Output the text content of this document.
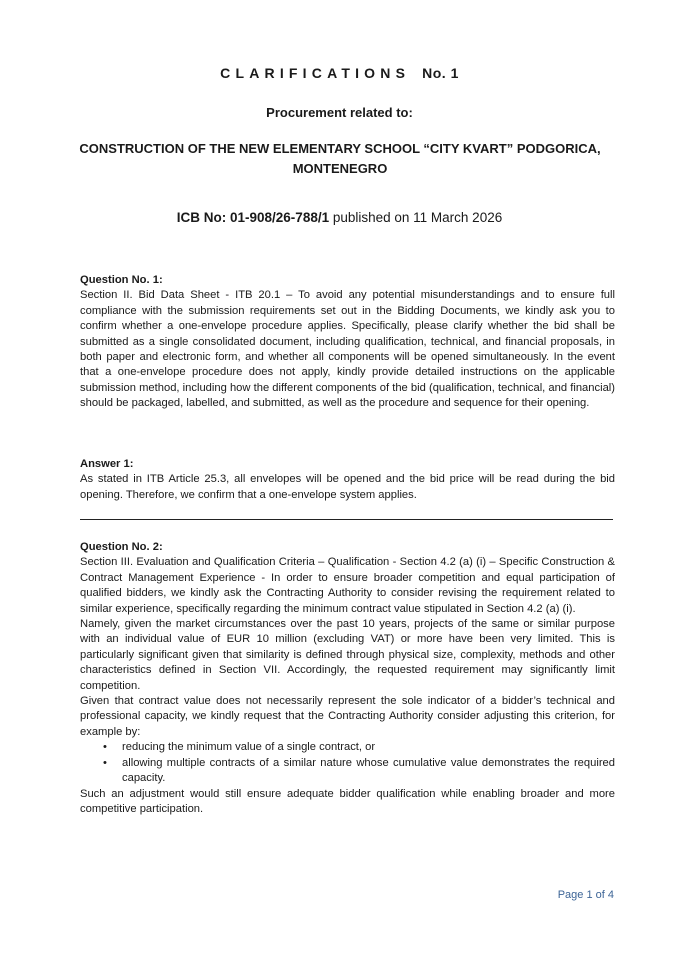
CLARIFICATIONS No. 1
Procurement related to:
CONSTRUCTION OF THE NEW ELEMENTARY SCHOOL “CITY KVART” PODGORICA,
MONTENEGRO
ICB No: 01-908/26-788/1 published on 11 March 2026
Question No. 1:

Section II. Bid Data Sheet - ITB 20.1 – To avoid any potential misunderstandings and to ensure full compliance with the submission requirements set out in the Bidding Documents, we kindly ask you to confirm whether a one-envelope procedure applies. Specifically, please clarify whether the bid shall be submitted as a single consolidated document, including qualification, technical, and financial proposals, in both paper and electronic form, and whether all components will be opened simultaneously. In the event that a one-envelope procedure does not apply, kindly provide detailed instructions on the applicable submission method, including how the different components of the bid (qualification, technical, and financial) should be packaged, labelled, and submitted, as well as the procedure and sequence for their opening.

Answer 1:

As stated in ITB Article 25.3, all envelopes will be opened and the bid price will be read during the bid opening. Therefore, we confirm that a one-envelope system applies.

Question No. 2:

Section III. Evaluation and Qualification Criteria – Qualification - Section 4.2 (a) (i) – Specific Construction & Contract Management Experience - In order to ensure broader competition and equal participation of qualified bidders, we kindly ask the Contracting Authority to consider revising the requirement related to similar experience, specifically regarding the minimum contract value stipulated in Section 4.2 (a) (i).

Namely, given the market circumstances over the past 10 years, projects of the same or similar purpose with an individual value of EUR 10 million (excluding VAT) or more have been very limited. This is particularly significant given that similarity is defined through physical size, complexity, methods and other characteristics defined in Section VII. Accordingly, the requested requirement may significantly limit competition.

Given that contract value does not necessarily represent the sole indicator of a bidder’s technical and professional capacity, we kindly request that the Contracting Authority consider adjusting this criterion, for example by:

• reducing the minimum value of a single contract, or
• allowing multiple contracts of a similar nature whose cumulative value demonstrates the required capacity.

Such an adjustment would still ensure adequate bidder qualification while enabling broader and more competitive participation.

Page 1 of 4
